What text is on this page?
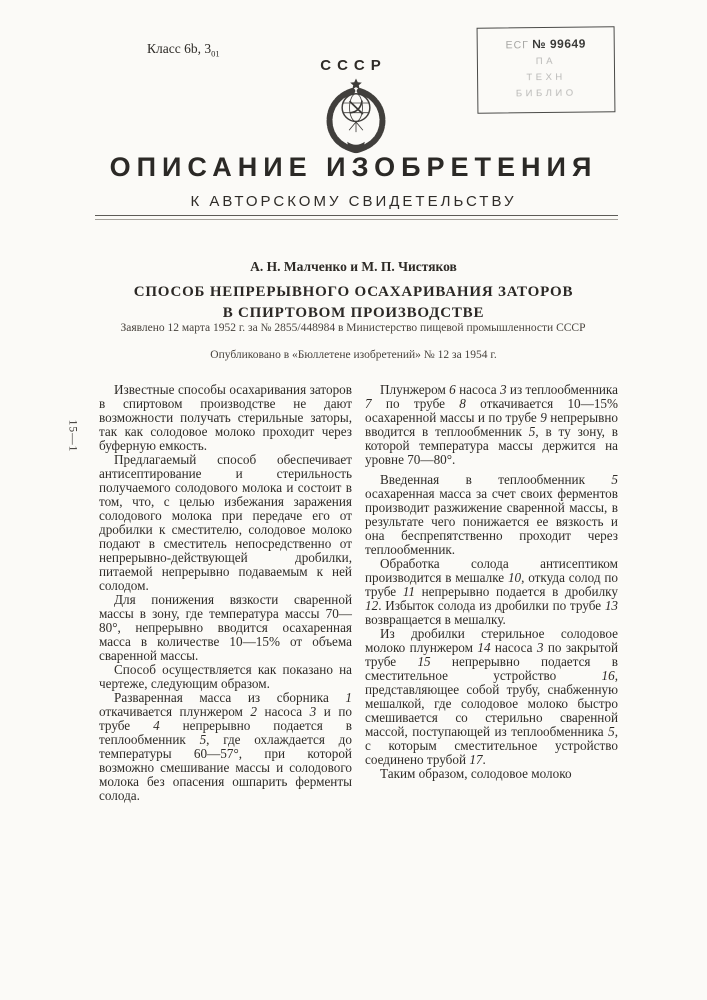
Класс 6b, $3_{01}$
СССР
ЕСГ № 99649
ПА
ТЕХН
БИБЛИО
ОПИСАНИЕ ИЗОБРЕТЕНИЯ
К АВТОРСКОМУ СВИДЕТЕЛЬСТВУ
А. Н. Малченко и М. П. Чистяков
СПОСОБ НЕПРЕРЫВНОГО ОСАХАРИВАНИЯ ЗАТОРОВ
В СПИРТОВОМ ПРОИЗВОДСТВЕ
Заявлено 12 марта 1952 г. за № 2855/448984 в Министерство пищевой промышленности СССР
Опубликовано в «Бюллетене изобретений» № 12 за 1954 г.
15—1

Известные способы осахаривания заторов в спиртовом производстве не дают возможности получать стерильные заторы, так как солодовое молоко проходит через буферную емкость.

Предлагаемый способ обеспечивает антисептирование и стерильность получаемого солодового молока и состоит в том, что, с целью избежания заражения солодового молока при передаче его от дробилки к сместителю, солодовое молоко подают в сместитель непосредственно от непрерывно-действующей дробилки, питаемой непрерывно подаваемым к ней солодом.

Для понижения вязкости сваренной массы в зону, где температура массы 70—80°, непрерывно вводится осахаренная масса в количестве 10—15% от объема сваренной массы.

Способ осуществляется как показано на чертеже, следующим образом.

Разваренная масса из сборника 1 откачивается плунжером 2 насоса 3 и по трубе 4 непрерывно подается в теплообменник 5, где охлаждается до температуры 60—57°, при которой возможно смешивание массы и солодового молока без опасения ошпарить ферменты солода.

Плунжером 6 насоса 3 из теплообменника 7 по трубе 8 откачивается 10—15% осахаренной массы и по трубе 9 непрерывно вводится в теплообменник 5, в ту зону, в которой температура массы держится на уровне 70—80°.

Введенная в теплообменник 5 осахаренная масса за счет своих ферментов производит разжижение сваренной массы, в результате чего понижается ее вязкость и она беспрепятственно проходит через теплообменник.

Обработка солода антисептиком производится в мешалке 10, откуда солод по трубе 11 непрерывно подается в дробилку 12. Избыток солода из дробилки по трубе 13 возвращается в мешалку.

Из дробилки стерильное солодовое молоко плунжером 14 насоса 3 по закрытой трубе 15 непрерывно подается в сместительное устройство 16, представляющее собой трубу, снабженную мешалкой, где солодовое молоко быстро смешивается со стерильно сваренной массой, поступающей из теплообменника 5, с которым сместительное устройство соединено трубой 17.

Таким образом, солодовое молоко
